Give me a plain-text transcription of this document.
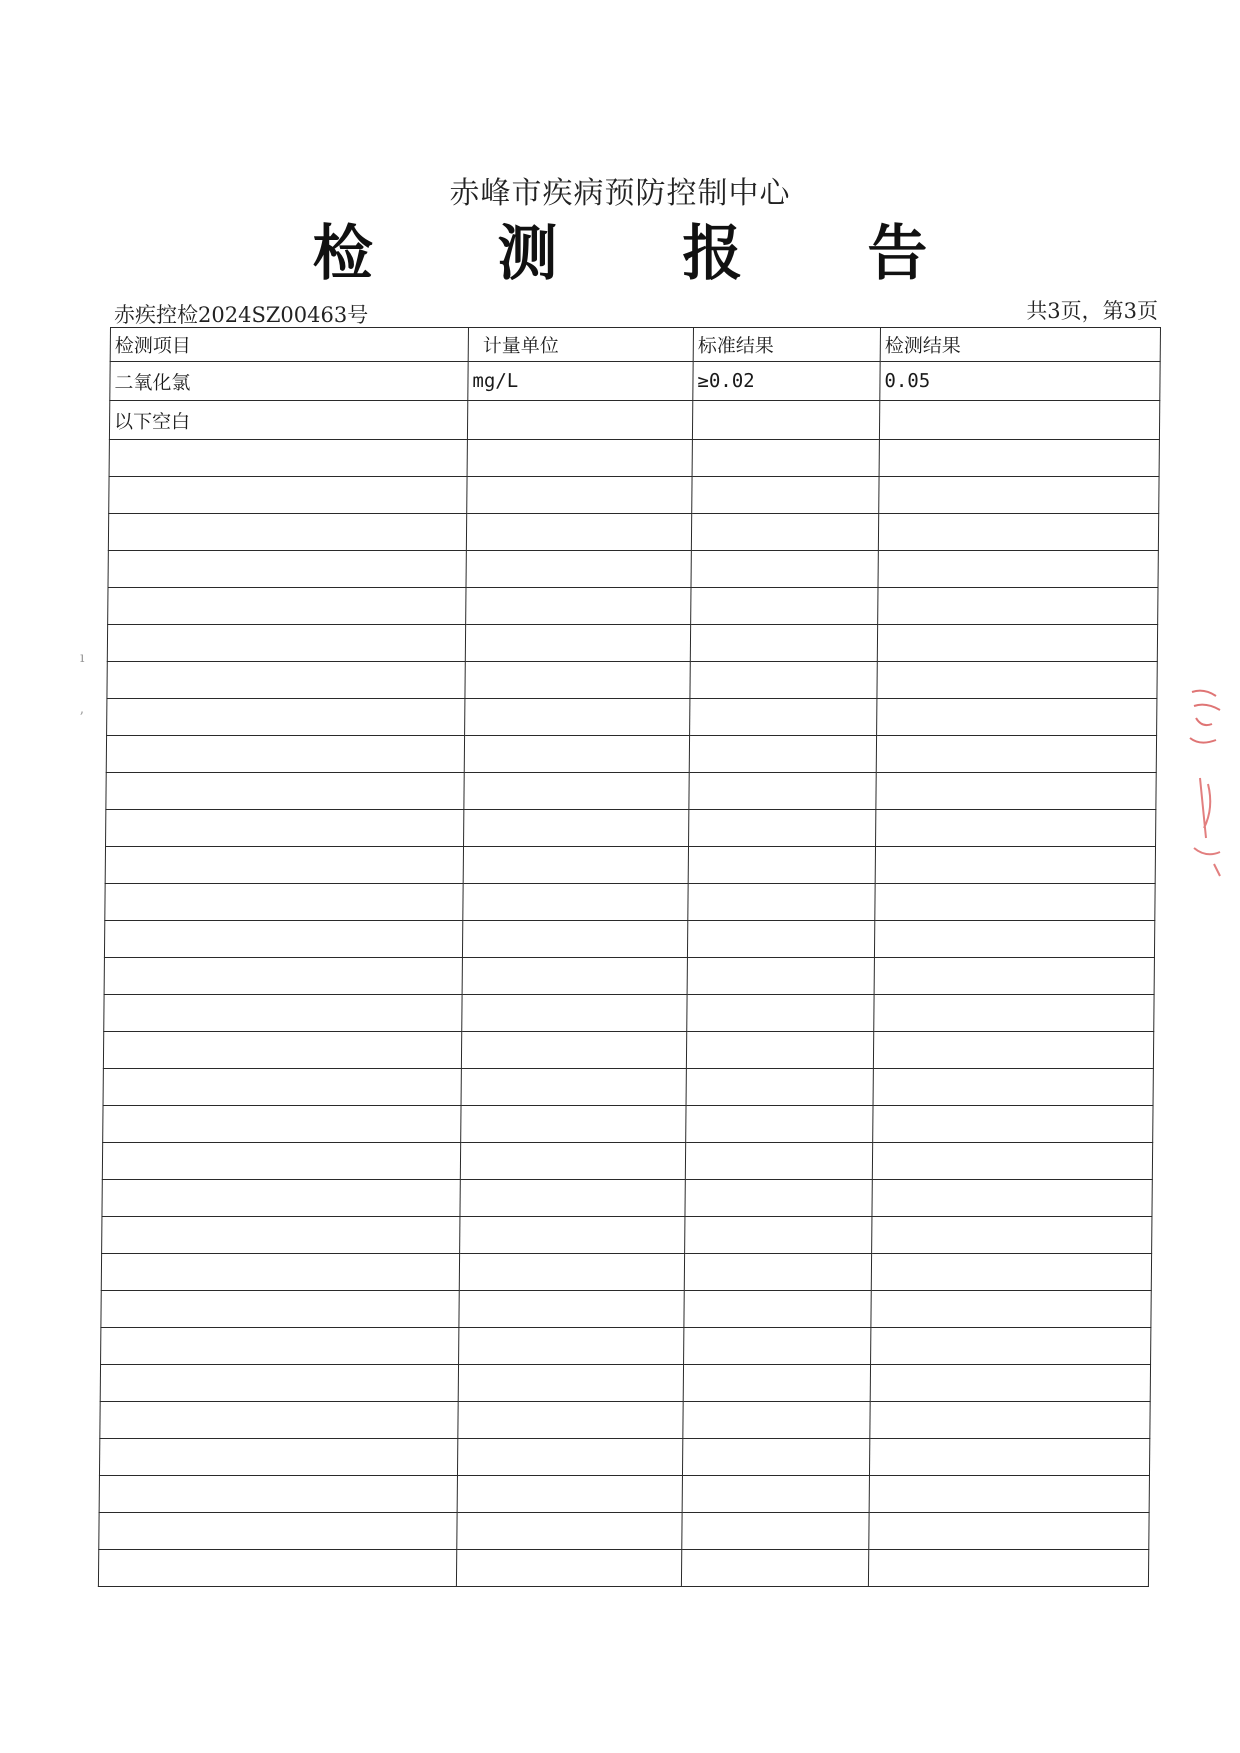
赤峰市疾病预防控制中心
检 测 报 告
赤疾控检2024SZ00463号	共3页，第3页
检测项目	计量单位	标准结果	检测结果
二氧化氯	mg/L	≥0.02	0.05
以下空白			

ı
ʼ
